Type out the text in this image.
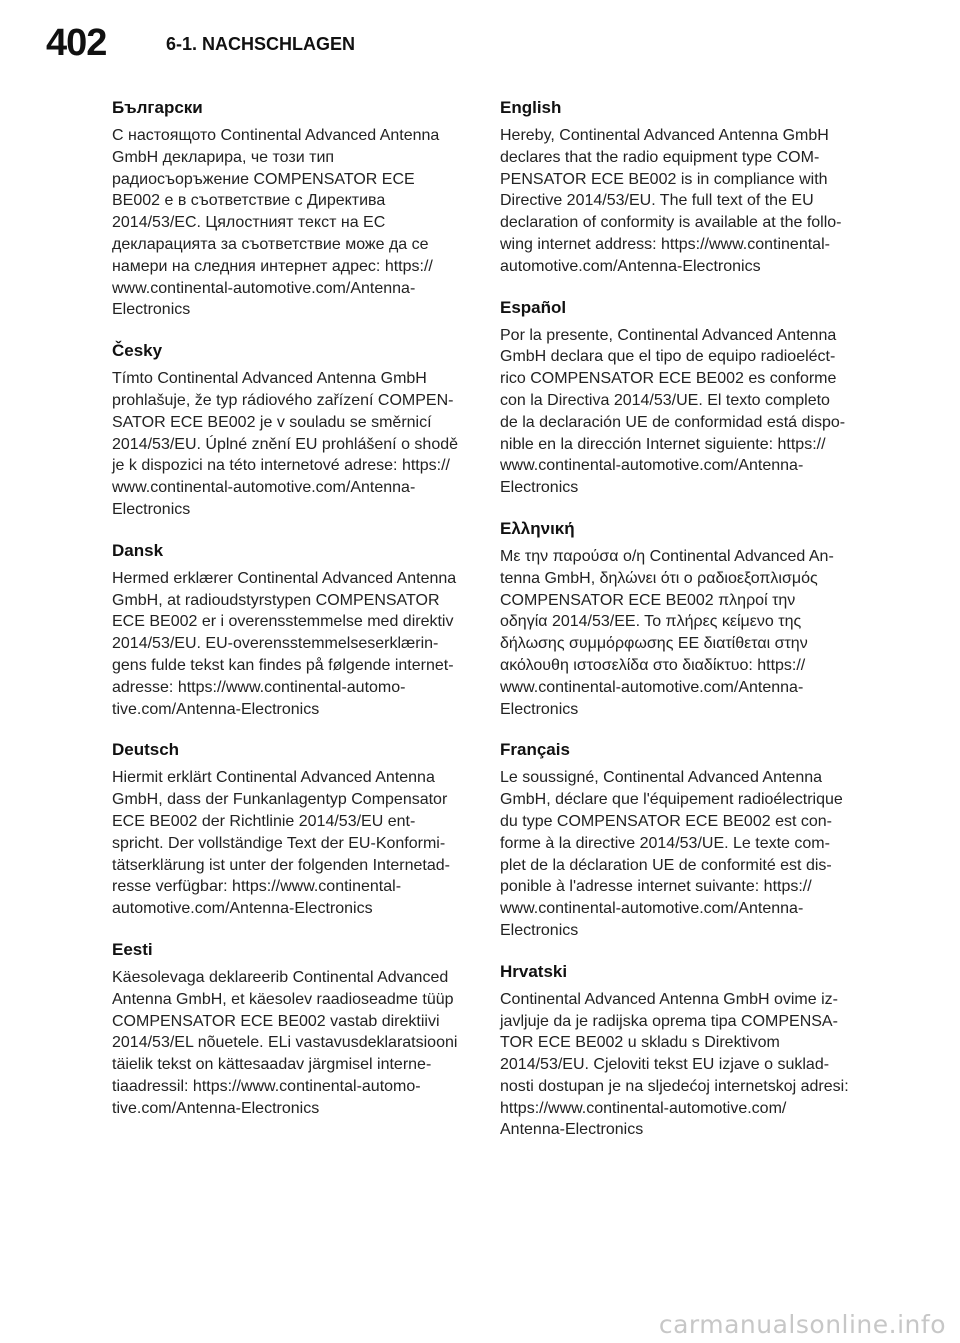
402	6-1. NACHSCHLAGEN
Български

С настоящото Continental Advanced Antenna
GmbH декларира, че този тип
радиосъоръжение COMPENSATOR ECE
BE002 е в съответствие с Директива
2014/53/ЕС. Цялостният текст на ЕС
декларацията за съответствие може да се
намери на следния интернет адрес: https://
www.continental-automotive.com/Antenna-
Electronics

Česky

Tímto Continental Advanced Antenna GmbH
prohlašuje, že typ rádiového zařízení COMPEN-
SATOR ECE BE002 je v souladu se směrnicí
2014/53/EU. Úplné znění EU prohlášení o shodě
je k dispozici na této internetové adrese: https://
www.continental-automotive.com/Antenna-
Electronics

Dansk

Hermed erklærer Continental Advanced Antenna
GmbH, at radioudstyrstypen COMPENSATOR
ECE BE002 er i overensstemmelse med direktiv
2014/53/EU. EU-overensstemmelseserklærin-
gens fulde tekst kan findes på følgende internet-
adresse: https://www.continental-automo-
tive.com/Antenna-Electronics

Deutsch

Hiermit erklärt Continental Advanced Antenna
GmbH, dass der Funkanlagentyp Compensator
ECE BE002 der Richtlinie 2014/53/EU ent-
spricht. Der vollständige Text der EU-Konformi-
tätserklärung ist unter der folgenden Internetad-
resse verfügbar: https://www.continental-
automotive.com/Antenna-Electronics

Eesti

Käesolevaga deklareerib Continental Advanced
Antenna GmbH, et käesolev raadioseadme tüüp
COMPENSATOR ECE BE002 vastab direktiivi
2014/53/EL nõuetele. ELi vastavusdeklaratsiooni
täielik tekst on kättesaadav järgmisel interne-
tiaadressil: https://www.continental-automo-
tive.com/Antenna-Electronics

English

Hereby, Continental Advanced Antenna GmbH
declares that the radio equipment type COM-
PENSATOR ECE BE002 is in compliance with
Directive 2014/53/EU. The full text of the EU
declaration of conformity is available at the follo-
wing internet address: https://www.continental-
automotive.com/Antenna-Electronics

Español

Por la presente, Continental Advanced Antenna
GmbH declara que el tipo de equipo radioeléct-
rico COMPENSATOR ECE BE002 es conforme
con la Directiva 2014/53/UE. El texto completo
de la declaración UE de conformidad está dispo-
nible en la dirección Internet siguiente: https://
www.continental-automotive.com/Antenna-
Electronics

Ελληνική

Με την παρούσα ο/η Continental Advanced An-
tenna GmbH, δηλώνει ότι ο ραδιοεξοπλισμός
COMPENSATOR ECE BE002 πληροί την
οδηγία 2014/53/ΕΕ. Το πλήρες κείμενο της
δήλωσης συμμόρφωσης ΕΕ διατίθεται στην
ακόλουθη ιστοσελίδα στο διαδίκτυο: https://
www.continental-automotive.com/Antenna-
Electronics

Français

Le soussigné, Continental Advanced Antenna
GmbH, déclare que l'équipement radioélectrique
du type COMPENSATOR ECE BE002 est con-
forme à la directive 2014/53/UE. Le texte com-
plet de la déclaration UE de conformité est dis-
ponible à l'adresse internet suivante: https://
www.continental-automotive.com/Antenna-
Electronics

Hrvatski

Continental Advanced Antenna GmbH ovime iz-
javljuje da je radijska oprema tipa COMPENSA-
TOR ECE BE002 u skladu s Direktivom
2014/53/EU. Cjeloviti tekst EU izjave o suklad-
nosti dostupan je na sljedećoj internetskoj adresi:
https://www.continental-automotive.com/
Antenna-Electronics

carmanualsonline.info
